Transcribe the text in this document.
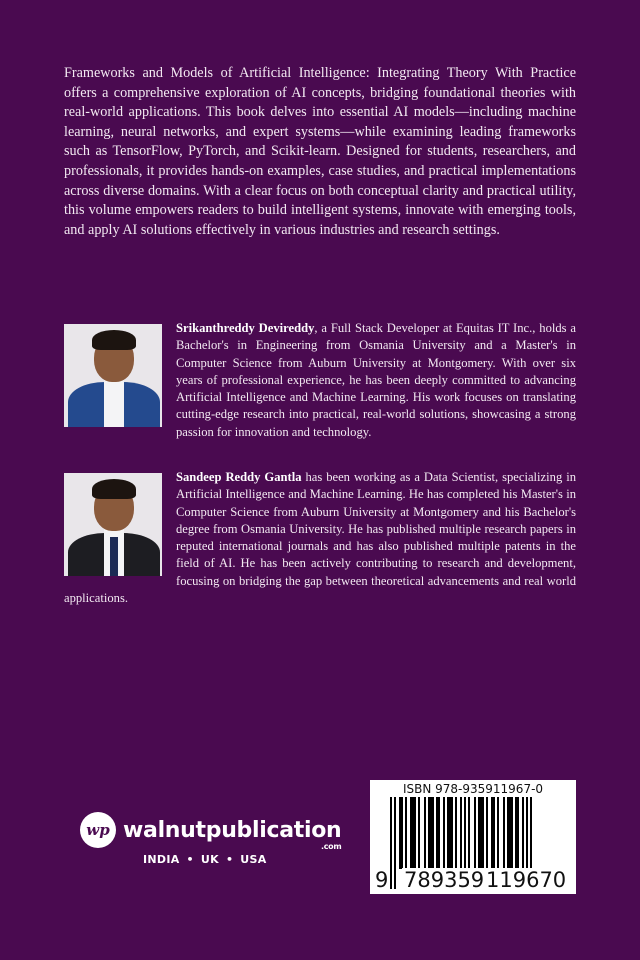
Frameworks and Models of Artificial Intelligence: Integrating Theory With Practice offers a comprehensive exploration of AI concepts, bridging foundational theories with real-world applications. This book delves into essential AI models—including machine learning, neural networks, and expert systems—while examining leading frameworks such as TensorFlow, PyTorch, and Scikit-learn. Designed for students, researchers, and professionals, it provides hands-on examples, case studies, and practical implementations across diverse domains. With a clear focus on both conceptual clarity and practical utility, this volume empowers readers to build intelligent systems, innovate with emerging tools, and apply AI solutions effectively in various industries and research settings.

Srikanthreddy Devireddy, a Full Stack Developer at Equitas IT Inc., holds a Bachelor's in Engineering from Osmania University and a Master's in Computer Science from Auburn University at Montgomery. With over six years of professional experience, he has been deeply committed to advancing Artificial Intelligence and Machine Learning. His work focuses on translating cutting-edge research into practical, real-world solutions, showcasing a strong passion for innovation and technology.
Sandeep Reddy Gantla has been working as a Data Scientist, specializing in Artificial Intelligence and Machine Learning. He has completed his Master's in Computer Science from Auburn University at Montgomery and his Bachelor's degree from Osmania University. He has published multiple research papers in reputed international journals and has also published multiple patents in the field of AI. He has been actively contributing to research and development, focusing on bridging the gap between theoretical advancements and real world applications.
wp walnutpublication
.com
INDIA • UK • USA
ISBN 978-935911967-0
9 789359 119670
